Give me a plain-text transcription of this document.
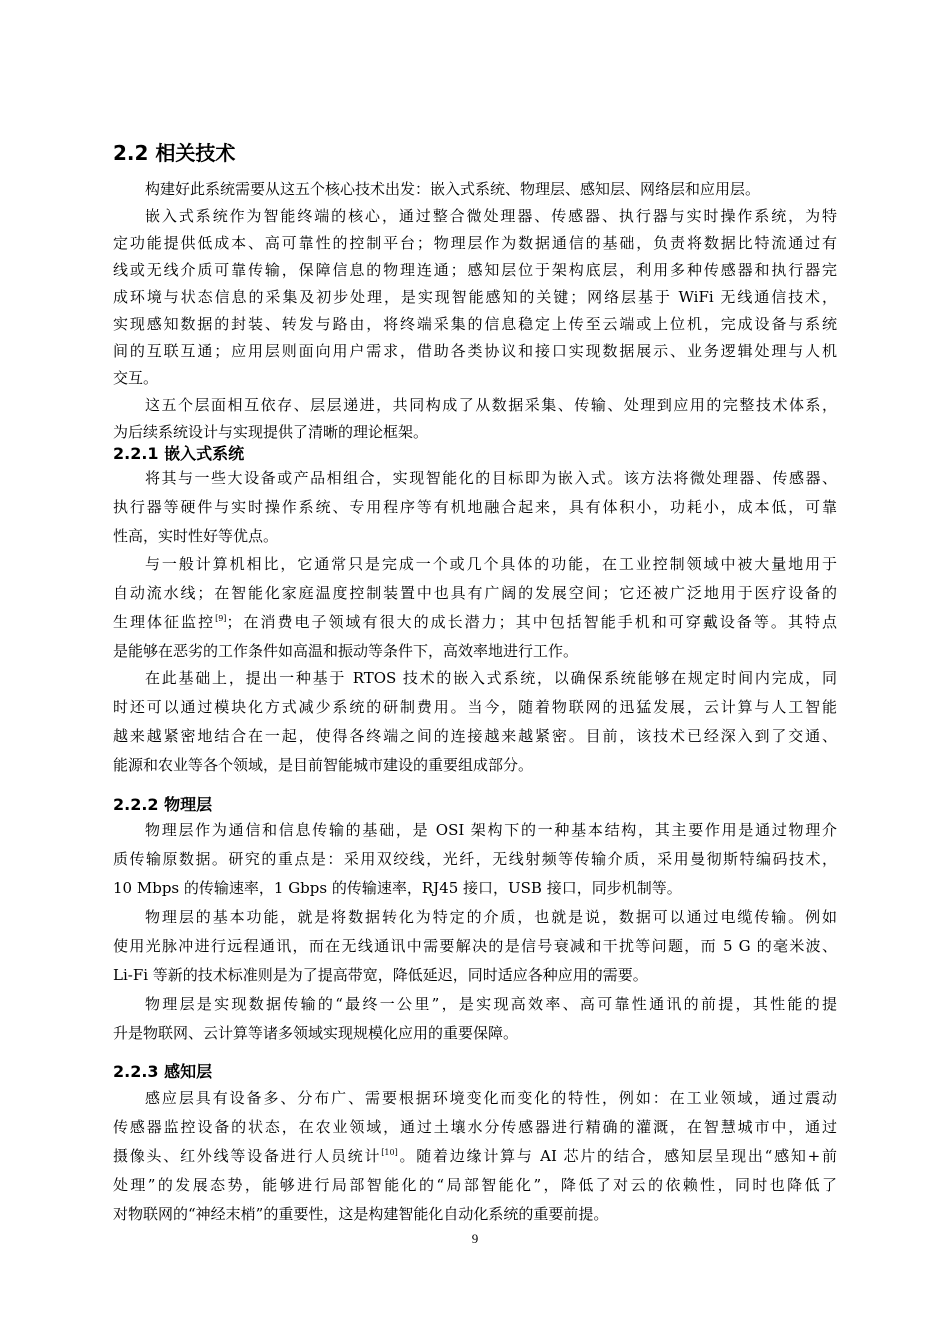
2.2 相关技术
构建好此系统需要从这五个核心技术出发：嵌入式系统、物理层、感知层、网络层和应用层。
嵌入式系统作为智能终端的核心，通过整合微处理器、传感器、执行器与实时操作系统，为特
定功能提供低成本、高可靠性的控制平台；物理层作为数据通信的基础，负责将数据比特流通过有
线或无线介质可靠传输，保障信息的物理连通；感知层位于架构底层，利用多种传感器和执行器完
成环境与状态信息的采集及初步处理，是实现智能感知的关键；网络层基于 WiFi 无线通信技术，
实现感知数据的封装、转发与路由，将终端采集的信息稳定上传至云端或上位机，完成设备与系统
间的互联互通；应用层则面向用户需求，借助各类协议和接口实现数据展示、业务逻辑处理与人机
交互。
这五个层面相互依存、层层递进，共同构成了从数据采集、传输、处理到应用的完整技术体系，
为后续系统设计与实现提供了清晰的理论框架。
2.2.1 嵌入式系统
将其与一些大设备或产品相组合，实现智能化的目标即为嵌入式。该方法将微处理器、传感器、
执行器等硬件与实时操作系统、专用程序等有机地融合起来，具有体积小，功耗小，成本低，可靠
性高，实时性好等优点。
与一般计算机相比，它通常只是完成一个或几个具体的功能，在工业控制领域中被大量地用于
自动流水线；在智能化家庭温度控制装置中也具有广阔的发展空间；它还被广泛地用于医疗设备的
生理体征监控[9]；在消费电子领域有很大的成长潜力；其中包括智能手机和可穿戴设备等。其特点
是能够在恶劣的工作条件如高温和振动等条件下，高效率地进行工作。
在此基础上，提出一种基于 RTOS 技术的嵌入式系统，以确保系统能够在规定时间内完成，同
时还可以通过模块化方式减少系统的研制费用。当今，随着物联网的迅猛发展，云计算与人工智能
越来越紧密地结合在一起，使得各终端之间的连接越来越紧密。目前，该技术已经深入到了交通、
能源和农业等各个领域，是目前智能城市建设的重要组成部分。
2.2.2 物理层
物理层作为通信和信息传输的基础，是 OSI 架构下的一种基本结构，其主要作用是通过物理介
质传输原数据。研究的重点是：采用双绞线，光纤，无线射频等传输介质，采用曼彻斯特编码技术，
10 Mbps 的传输速率，1 Gbps 的传输速率，RJ45 接口，USB 接口，同步机制等。
物理层的基本功能，就是将数据转化为特定的介质，也就是说，数据可以通过电缆传输。例如
使用光脉冲进行远程通讯，而在无线通讯中需要解决的是信号衰减和干扰等问题，而 5 G 的毫米波、
Li-Fi 等新的技术标准则是为了提高带宽，降低延迟，同时适应各种应用的需要。
物理层是实现数据传输的“最终一公里”，是实现高效率、高可靠性通讯的前提，其性能的提
升是物联网、云计算等诸多领域实现规模化应用的重要保障。
2.2.3 感知层
感应层具有设备多、分布广、需要根据环境变化而变化的特性，例如：在工业领域，通过震动
传感器监控设备的状态，在农业领域，通过土壤水分传感器进行精确的灌溉，在智慧城市中，通过
摄像头、红外线等设备进行人员统计[10]。随着边缘计算与 AI 芯片的结合，感知层呈现出“感知+前
处理”的发展态势，能够进行局部智能化的“局部智能化”，降低了对云的依赖性，同时也降低了
对物联网的“神经末梢”的重要性，这是构建智能化自动化系统的重要前提。
9
